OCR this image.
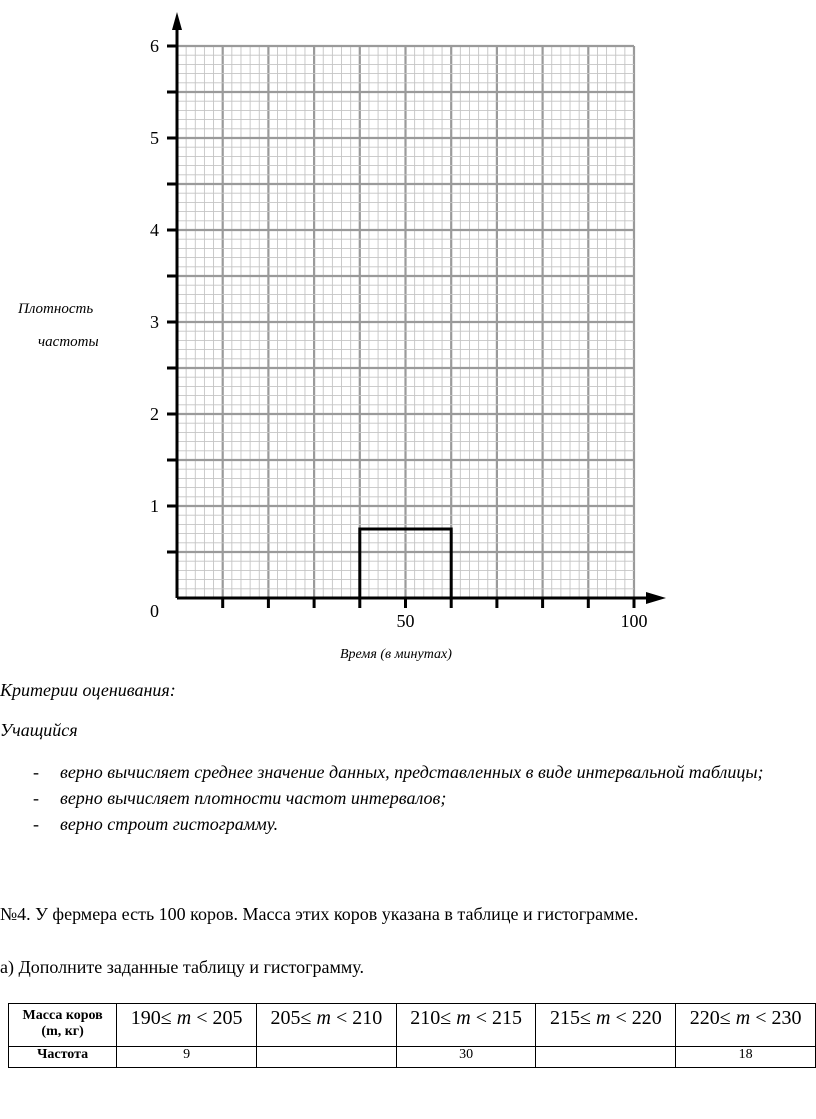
1
2
3
4
5
6
0	50	100
Плотность
частоты
Время (в минутах)
Критерии оценивания:
Учащийся
- верно вычисляет среднее значение данных, представленных в виде интервальной таблицы;
- верно вычисляет плотности частот интервалов;
- верно строит гистограмму.
№4. У фермера есть 100 коров. Масса этих коров указана в таблице и гистограмме.
а) Дополните заданные таблицу и гистограмму.
Масса коров
(m, кг)	190≤ m < 205	205≤ m < 210	210≤ m < 215	215≤ m < 220	220≤ m < 230
Частота	9		30		18
